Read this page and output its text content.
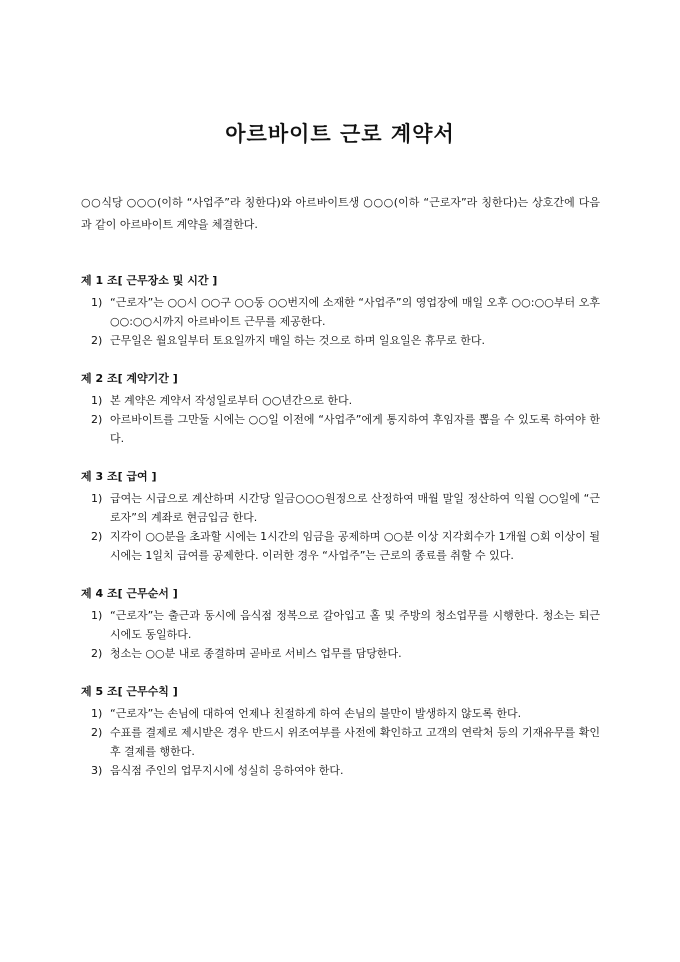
아르바이트 근로 계약서

○○식당 ○○○(이하 “사업주”라 칭한다)와 아르바이트생 ○○○(이하 “근로자”라 칭한다)는 상호간에 다음과 같이 아르바이트 계약을 체결한다.

제 1 조[ 근무장소 및 시간 ]
1) “근로자”는 ○○시 ○○구 ○○동 ○○번지에 소재한 “사업주”의 영업장에 매일 오후 ○○:○○부터 오후 ○○:○○시까지 아르바이트 근무를 제공한다.
2) 근무일은 월요일부터 토요일까지 매일 하는 것으로 하며 일요일은 휴무로 한다.
제 2 조[ 계약기간 ]
1) 본 계약은 계약서 작성일로부터 ○○년간으로 한다.
2) 아르바이트를 그만둘 시에는 ○○일 이전에 “사업주”에게 통지하여 후임자를 뽑을 수 있도록 하여야 한다.
제 3 조[ 급여 ]
1) 급여는 시급으로 계산하며 시간당 일금○○○원정으로 산정하여 매월 말일 정산하여 익월 ○○일에 “근로자”의 계좌로 현금입금 한다.
2) 지각이 ○○분을 초과할 시에는 1시간의 임금을 공제하며 ○○분 이상 지각회수가 1개월 ○회 이상이 될 시에는 1일치 급여를 공제한다. 이러한 경우 “사업주”는 근로의 종료를 취할 수 있다.
제 4 조[ 근무순서 ]
1) “근로자”는 출근과 동시에 음식점 정복으로 갈아입고 홀 및 주방의 청소업무를 시행한다. 청소는 퇴근 시에도 동일하다.
2) 청소는 ○○분 내로 종결하며 곧바로 서비스 업무를 담당한다.
제 5 조[ 근무수칙 ]
1) “근로자”는 손님에 대하여 언제나 친절하게 하여 손님의 불만이 발생하지 않도록 한다.
2) 수표를 결제로 제시받은 경우 반드시 위조여부를 사전에 확인하고 고객의 연락처 등의 기재유무를 확인 후 결제를 행한다.
3) 음식점 주인의 업무지시에 성실히 응하여야 한다.
